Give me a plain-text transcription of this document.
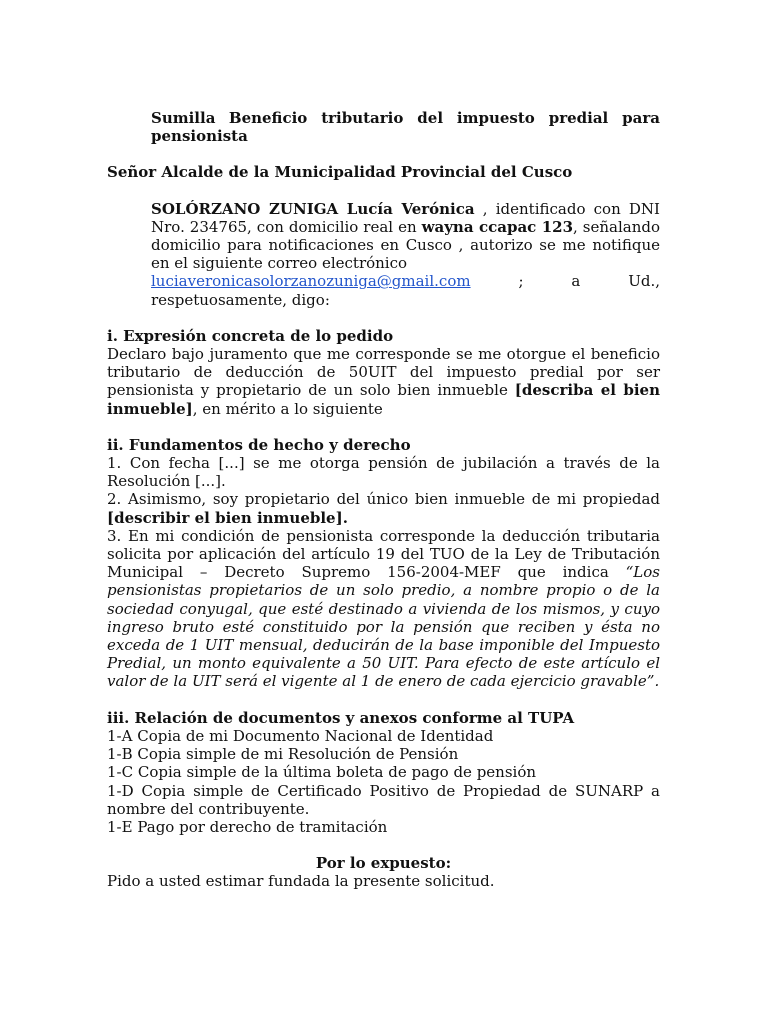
Sumilla Beneficio tributario del impuesto predial para pensionista

Señor Alcalde de la Municipalidad Provincial del Cusco

SOLÓRZANO ZUNIGA Lucía Verónica , identificado con DNI Nro. 234765, con domicilio real en wayna ccapac 123, señalando domicilio para notificaciones en Cusco , autorizo se me notifique en el siguiente correo electrónico

luciaveronicasolorzanozuniga@gmail.com ; a Ud.,

respetuosamente, digo:

i. Expresión concreta de lo pedido

Declaro bajo juramento que me corresponde se me otorgue el beneficio tributario de deducción de 50UIT del impuesto predial por ser pensionista y propietario de un solo bien inmueble [describa el bien inmueble], en mérito a lo siguiente

ii. Fundamentos de hecho y derecho

1. Con fecha [...] se me otorga pensión de jubilación a través de la Resolución [...].

2. Asimismo, soy propietario del único bien inmueble de mi propiedad [describir el bien inmueble].

3. En mi condición de pensionista corresponde la deducción tributaria solicita por aplicación del artículo 19 del TUO de la Ley de Tributación Municipal – Decreto Supremo 156-2004-MEF que indica “Los pensionistas propietarios de un solo predio, a nombre propio o de la sociedad conyugal, que esté destinado a vivienda de los mismos, y cuyo ingreso bruto esté constituido por la pensión que reciben y ésta no exceda de 1 UIT mensual, deducirán de la base imponible del Impuesto Predial, un monto equivalente a 50 UIT. Para efecto de este artículo el valor de la UIT será el vigente al 1 de enero de cada ejercicio gravable”.

iii. Relación de documentos y anexos conforme al TUPA

1-A Copia de mi Documento Nacional de Identidad

1-B Copia simple de mi Resolución de Pensión

1-C Copia simple de la última boleta de pago de pensión

1-D Copia simple de Certificado Positivo de Propiedad de SUNARP a nombre del contribuyente.

1-E Pago por derecho de tramitación

Por lo expuesto:

Pido a usted estimar fundada la presente solicitud.
